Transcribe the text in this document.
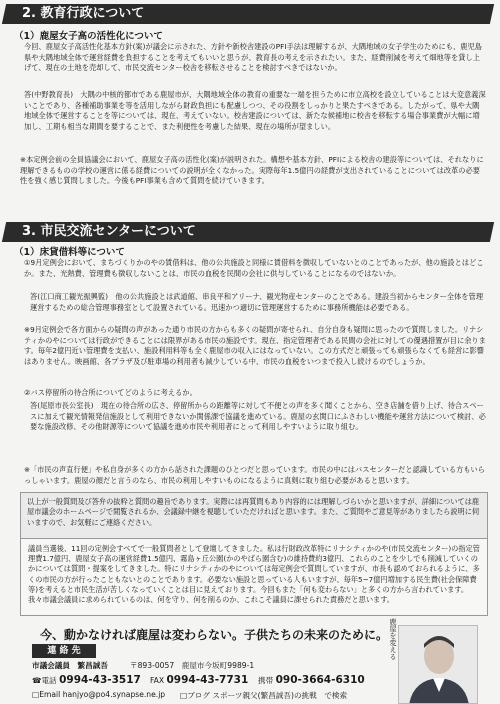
2. 教育行政について
（1）鹿屋女子高の活性化について
今回、鹿屋女子高活性化基本方針(案)が議会に示された、方針や新校舎建設のPFI手法は理解するが、大隅地域の女子学生のためにも、鹿児島県や大隅地域全体で運営経費を負担することを考えてもいいと思うが、教育長の考えを示されたい。また、経費削減を考えて畑地等を貸し上げて、現在の土地を売却して、市民交流センター校舎を移転させることを検討すべきではないか。

答(中野教育長)　 大隅の中核的都市である鹿屋市が、大隅地域全体の教育の重要な一端を担うために市立高校を設立していることは大変意義深いことであり、各種補助事業を等を活用しながら財政負担にも配慮しつつ、その役割をしっかりと果たすべきである。したがって、県や大隅地域全体で運営することを等については、現在、考えていない。校舎建設については、新たな候補地に校舎を移転する場合事業費が大幅に増加し、工期も相当な期間を要することで、また利便性を考慮した結果、現在の場所が望ましい。

※本定例会前の全員協議会において、鹿屋女子高の活性化(案)が説明された。構想や基本方針、PFIによる校舎の建設等については、それなりに理解できるものの学校の運営に係る経費についての説明が全くなかった。実際毎年1.5億円の経費が支出されていることについては改革の必要性を強く感じ質問しました。今後もPFI事業も含めて質問を続けていきます。
3. 市民交流センターについて
（1）床貸借料等について
①9月定例会において、まちづくりかのやの賃借料は、他の公共施設と同様に賃借料を徴収していないとのことであったが、他の施設とはどこか。また、光熱費、管理費も徴収しないことは、市民の血税を民間の会社に供与していることになるのではないか。

答(江口商工観光振興監)　 他の公共施設とは武道館、串良平和アリーナ、観光物産センターのことである。建設当初からセンター全体を管理運営するための総合管理事務室として設置されている。迅速かつ適切に管理運営するために事務所機能は必要である。

※9月定例会で各方面からの疑問の声があった通り市民の方からも多くの疑問が寄せられ、自分自身も疑問に思ったので質問しました。リナシティかのやについては行政ができることには限界がある市民の施設です。現在、指定管理者である民間の会社に対しての優遇措置が目に余ります。毎年2億円近い管理費を支払い、施設利用料等も全く鹿屋市の収入にはなっていない。この方式だと頑張っても頑張らなくても経営に影響はありません。映画館、各プラザ及び駐車場の利用者も減少している中、市民の血税をいつまで投入し続けるのでしょうか。
②バス停留所の待合所についてどのように考えるか。

答(尾原市長公室長)　 現在の待合所の広さ、停留所からの距離等に対して不便との声を多く聞くことから、空き店舗を借り上げ、待合スペースに加えて観光情報発信施設として利用できないか関係課で協議を進めている。鹿屋の玄関口にふさわしい機能や運営方法について検討、必要な施設改修、その他財源等について協議を進め市民や利用者にとって利用しやすいように取り組む。

※「市民の声直行便」や私自身が多くの方から話された課題のひとつだと思っています。市民の中にはバスセンターだと認識している方もいらっしゃいます。鹿屋の顔だと言うのなら、市民の利用しやすいものになるように真剣に取り組む必要があると思います。
以上が一般質問及び答弁の抜粋と質問の趣旨であります。実際には再質問もあり内容的には理解しづらいかと思いますが、詳細については鹿屋市議会のホームページで閲覧されるか、会議録中継を視聴していただければと思います。また、ご質問やご意見等がありましたら説明に伺いますので、お気軽にご連絡ください。
議員当選後、11回の定例会すべてで一般質問者として登壇してきました。私は行財政改革特にリナシティかのや(市民交流センター)の指定管理費1.7億円、鹿屋女子高の運営経費1.5億円、霧島ヶ丘公園(かのやばら園含む)の維持費約3億円、これらのことを少しでも削減していくのかについては質問・提案をしてきました。特にリナシティかのやについては毎定例会で質問していますが、市長も認めておられるように、多くの市民の方が行ったこともないとのことであります。必要ない施設と思っている人もいますが、毎年5~7億円増加する民生費(社会保障費等)を考えると市民生活が苦しくなっていくことは目に見えております。今回もまた「何も変わらない」と多くの方から言われています。我々市議会議員に求められているのは、何を守り、何を削るのか、これこそ議員に課せられた責務だと思います。
今、動かなければ鹿屋は変わらない。子供たちの未来のために。 鹿屋を変える
連 絡 先
市議会議員　繁昌誠吾	〒893-0057　鹿屋市今坂町9989-1
☎電話 0994-43-3517 FAX 0994-43-7731 携帯 090-3664-6310
□Email hanjyo@po4.synapse.ne.jp □ブログ スポーツ親父(繁昌誠吾)の挑戦　で検索
